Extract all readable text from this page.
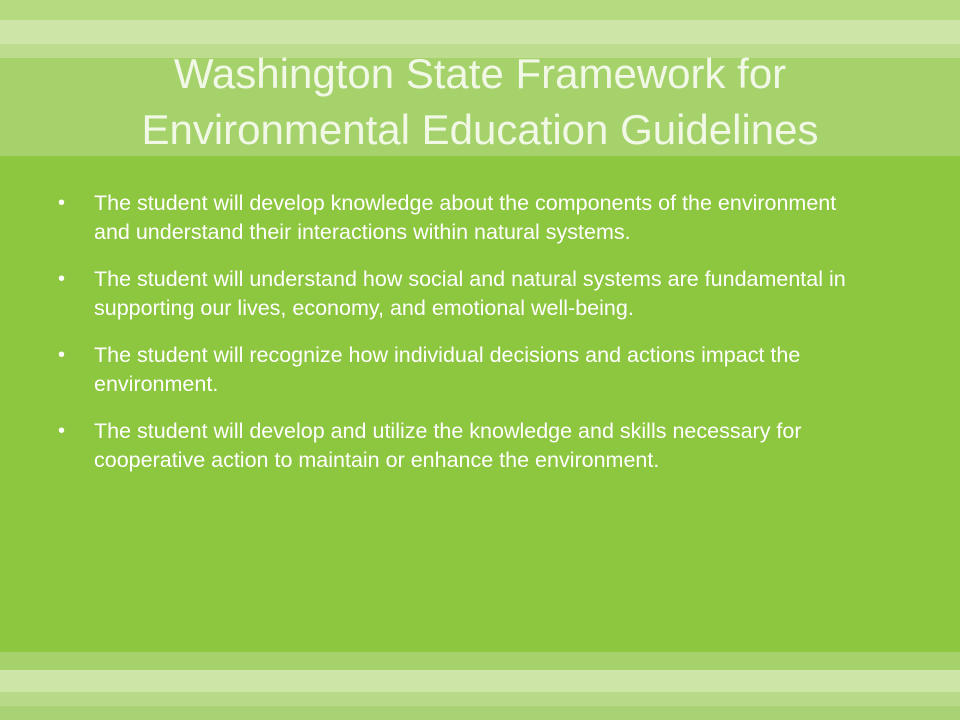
Washington State Framework for
Environmental Education Guidelines
• The student will develop knowledge about the components of the environment and understand their interactions within natural systems.
• The student will understand how social and natural systems are fundamental in supporting our lives, economy, and emotional well-being.
• The student will recognize how individual decisions and actions impact the environment.
• The student will develop and utilize the knowledge and skills necessary for cooperative action to maintain or enhance the environment.
